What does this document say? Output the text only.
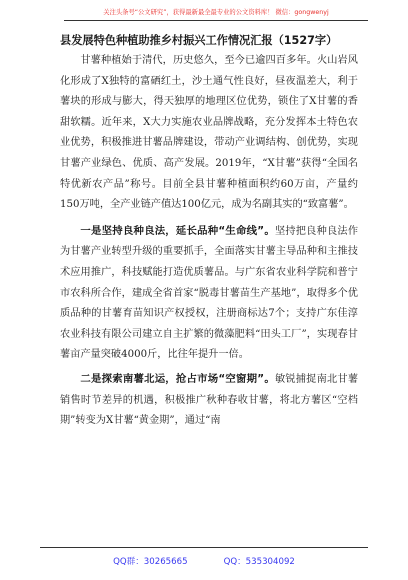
关注头条号“公文研究”，获得最新最全最专业的公文资料库！ 微信：gongwenyj
县发展特色种植助推乡村振兴工作情况汇报（1527字）

甘薯种植始于清代，历史悠久，至今已逾四百多年。火山岩风化形成了X独特的富硒红土，沙土通气性良好，昼夜温差大，利于薯块的形成与膨大，得天独厚的地理区位优势，锁住了X甘薯的香甜软糯。近年来，X大力实施农业品牌战略，充分发挥本土特色农业优势，积极推进甘薯品牌建设，带动产业调结构、创优势，实现甘薯产业绿色、优质、高产发展。2019年，“X甘薯”获得“全国名特优新农产品”称号。目前全县甘薯种植面积约60万亩，产量约150万吨，全产业链产值达100亿元，成为名副其实的“致富薯”。

一是坚持良种良法，延长品种“生命线”。坚持把良种良法作为甘薯产业转型升级的重要抓手，全面落实甘薯主导品种和主推技术应用推广，科技赋能打造优质薯品。与广东省农业科学院和普宁市农科所合作，建成全省首家“脱毒甘薯苗生产基地”，取得多个优质品种的甘薯育苗知识产权授权，注册商标达7个；支持广东佳淳农业科技有限公司建立自主扩繁的微藻肥料“田头工厂”，实现春甘薯亩产量突破4000斤，比往年提升一倍。

二是探索南薯北运，抢占市场“空窗期”。敏锐捕捉南北甘薯销售时节差异的机遇，积极推广秋种春收甘薯，将北方薯区“空档期”转变为X甘薯“黄金期”，通过“南

QQ群：30265665	QQ：535304092
